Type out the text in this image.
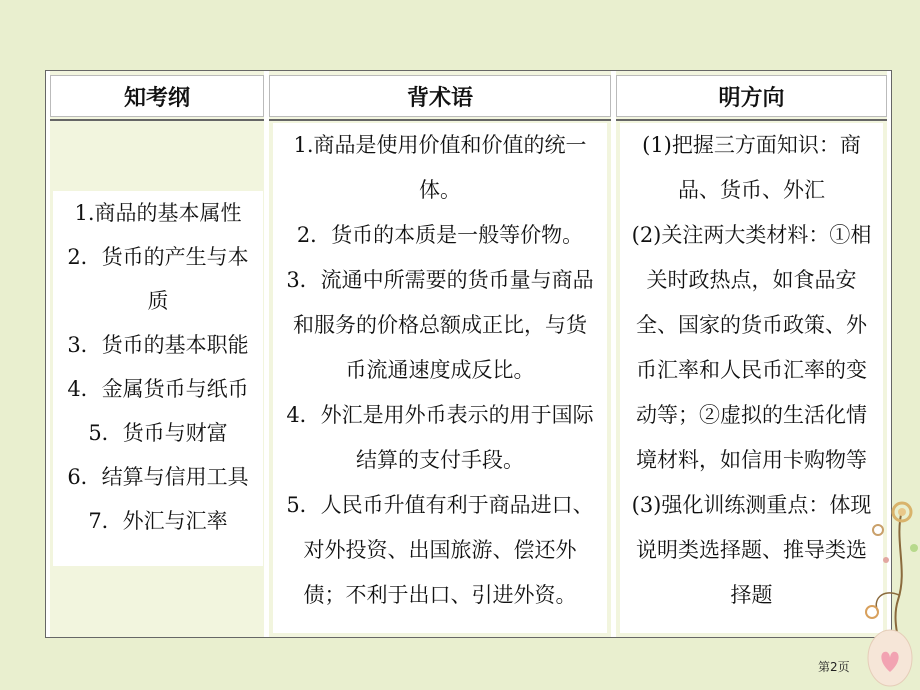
知考纲	背术语
1.商品是使用价值和价值的统一
体。
2．货币的本质是一般等价物。
3．流通中所需要的货币量与商品
和服务的价格总额成正比，与货
币流通速度成反比。
4．外汇是用外币表示的用于国际
结算的支付手段。
5．人民币升值有利于商品进口、
对外投资、出国旅游、偿还外
债；不利于出口、引进外资。
明方向
(1)把握三方面知识：商
品、货币、外汇
(2)关注两大类材料：①相
关时政热点，如食品安
全、国家的货币政策、外
币汇率和人民币汇率的变
动等；②虚拟的生活化情
境材料，如信用卡购物等
(3)强化训练测重点：体现
说明类选择题、推导类选
择题
1.商品的基本属性
2．货币的产生与本
质
3．货币的基本职能
4．金属货币与纸币
5．货币与财富
6．结算与信用工具
7．外汇与汇率
第2页
